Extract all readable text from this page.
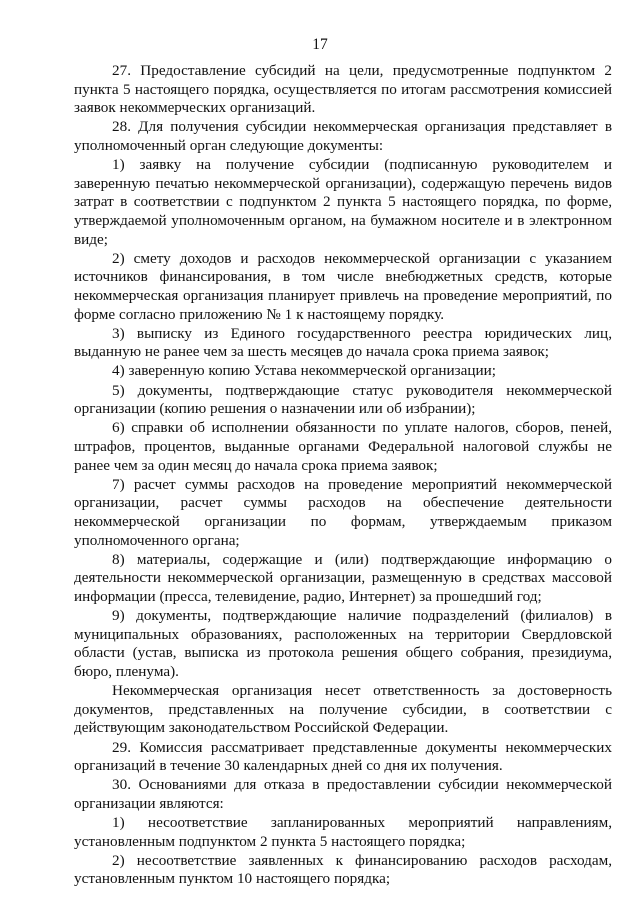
17

27. Предоставление субсидий на цели, предусмотренные подпунктом 2 пункта 5 настоящего порядка, осуществляется по итогам рассмотрения комиссией заявок некоммерческих организаций.

28. Для получения субсидии некоммерческая организация представляет в уполномоченный орган следующие документы:

1) заявку на получение субсидии (подписанную руководителем и заверенную печатью некоммерческой организации), содержащую перечень видов затрат в соответствии с подпунктом 2 пункта 5 настоящего порядка, по форме, утверждаемой уполномоченным органом, на бумажном носителе и в электронном виде;

2) смету доходов и расходов некоммерческой организации с указанием источников финансирования, в том числе внебюджетных средств, которые некоммерческая организация планирует привлечь на проведение мероприятий, по форме согласно приложению № 1 к настоящему порядку.

3) выписку из Единого государственного реестра юридических лиц, выданную не ранее чем за шесть месяцев до начала срока приема заявок;

4) заверенную копию Устава некоммерческой организации;

5) документы, подтверждающие статус руководителя некоммерческой организации (копию решения о назначении или об избрании);

6) справки об исполнении обязанности по уплате налогов, сборов, пеней, штрафов, процентов, выданные органами Федеральной налоговой службы не ранее чем за один месяц до начала срока приема заявок;

7) расчет суммы расходов на проведение мероприятий некоммерческой организации, расчет суммы расходов на обеспечение деятельности некоммерческой организации по формам, утверждаемым приказом уполномоченного органа;

8) материалы, содержащие и (или) подтверждающие информацию о деятельности некоммерческой организации, размещенную в средствах массовой информации (пресса, телевидение, радио, Интернет) за прошедший год;

9) документы, подтверждающие наличие подразделений (филиалов) в муниципальных образованиях, расположенных на территории Свердловской области (устав, выписка из протокола решения общего собрания, президиума, бюро, пленума).

Некоммерческая организация несет ответственность за достоверность документов, представленных на получение субсидии, в соответствии с действующим законодательством Российской Федерации.

29. Комиссия рассматривает представленные документы некоммерческих организаций в течение 30 календарных дней со дня их получения.

30. Основаниями для отказа в предоставлении субсидии некоммерческой организации являются:

1) несоответствие запланированных мероприятий направлениям, установленным подпунктом 2 пункта 5 настоящего порядка;

2) несоответствие заявленных к финансированию расходов расходам, установленным пунктом 10 настоящего порядка;
